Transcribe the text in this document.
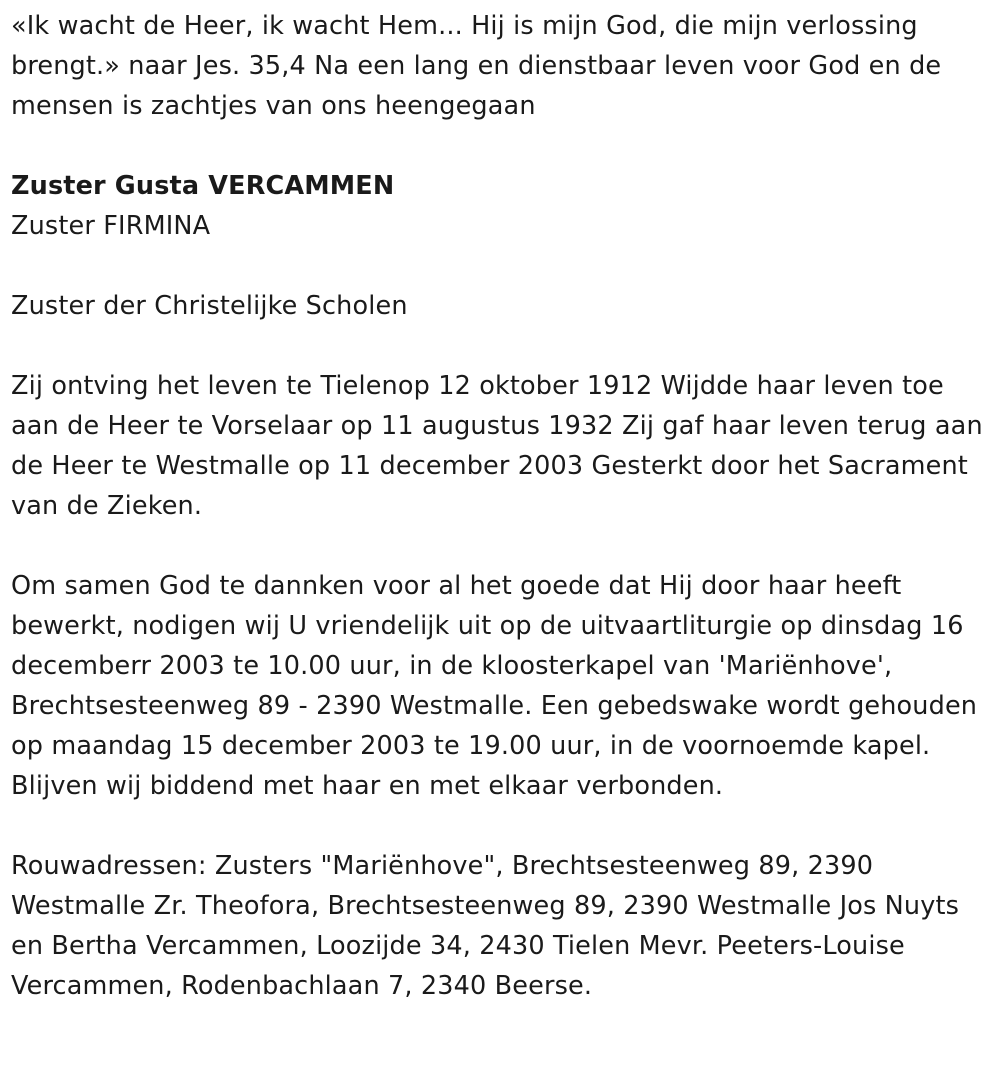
«Ik wacht de Heer, ik wacht Hem... Hij is mijn God, die mijn verlossing brengt.» naar Jes. 35,4 Na een lang en dienstbaar leven voor God en de mensen is zachtjes van ons heengegaan

Zuster Gusta VERCAMMEN

Zuster FIRMINA

Zuster der Christelijke Scholen

Zij ontving het leven te Tielenop 12 oktober 1912 Wijdde haar leven toe aan de Heer te Vorselaar op 11 augustus 1932 Zij gaf haar leven terug aan de Heer te Westmalle op 11 december 2003 Gesterkt door het Sacrament van de Zieken.

Om samen God te dannken voor al het goede dat Hij door haar heeft bewerkt, nodigen wij U vriendelijk uit op de uitvaartliturgie op dinsdag 16 decemberr 2003 te 10.00 uur, in de kloosterkapel van 'Mariënhove', Brechtsesteenweg 89 - 2390 Westmalle. Een gebedswake wordt gehouden op maandag 15 december 2003 te 19.00 uur, in de voornoemde kapel. Blijven wij biddend met haar en met elkaar verbonden.

Rouwadressen: Zusters "Mariënhove", Brechtsesteenweg 89, 2390 Westmalle Zr. Theofora, Brechtsesteenweg 89, 2390 Westmalle Jos Nuyts en Bertha Vercammen, Loozijde 34, 2430 Tielen Mevr. Peeters-Louise Vercammen, Rodenbachlaan 7, 2340 Beerse.
